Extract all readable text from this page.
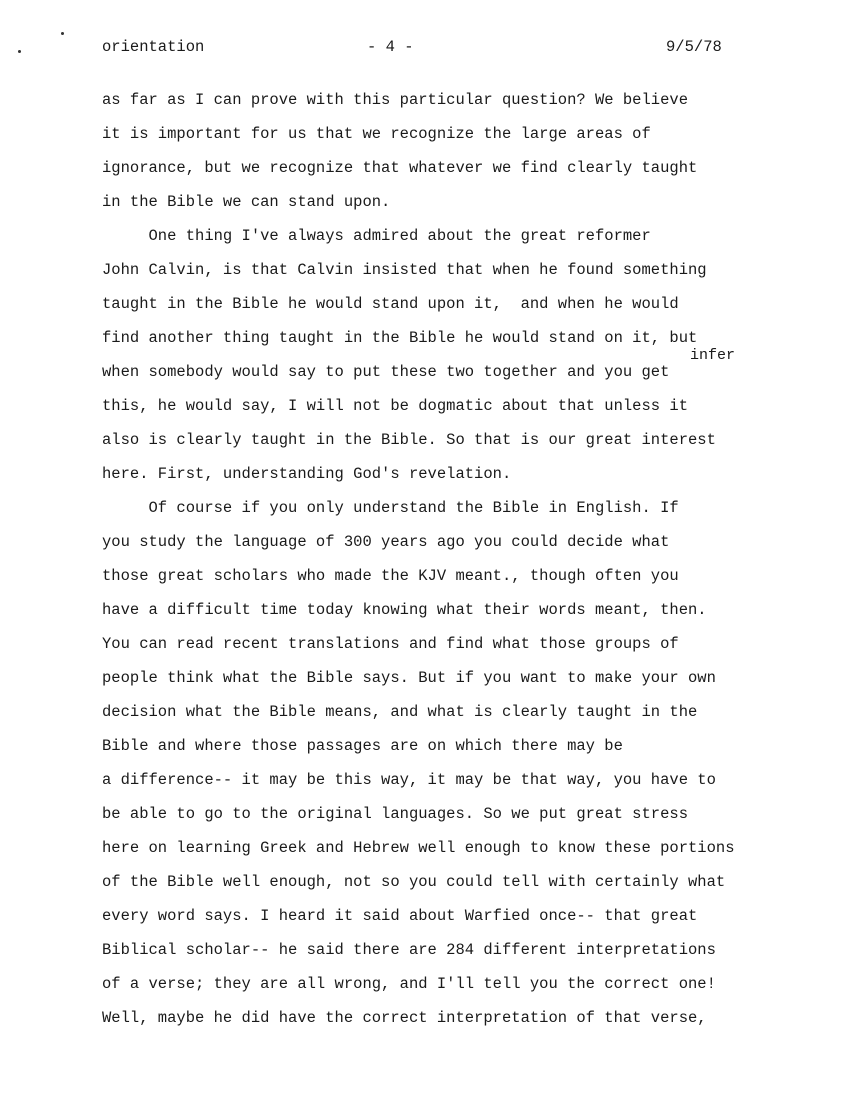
orientation	- 4 -	9/5/78
as far as I can prove with this particular question? We believe
it is important for us that we recognize the large areas of
ignorance, but we recognize that whatever we find clearly taught
in the Bible we can stand upon.
One thing I've always admired about the great reformer
John Calvin, is that Calvin insisted that when he found something
taught in the Bible he would stand upon it,  and when he would
find another thing taught in the Bible he would stand on it, but
infer
when somebody would say to put these two together and you get
this, he would say, I will not be dogmatic about that unless it
also is clearly taught in the Bible. So that is our great interest
here. First, understanding God's revelation.
Of course if you only understand the Bible in English. If
you study the language of 300 years ago you could decide what
those great scholars who made the KJV meant., though often you
have a difficult time today knowing what their words meant, then.
You can read recent translations and find what those groups of
people think what the Bible says. But if you want to make your own
decision what the Bible means, and what is clearly taught in the
Bible and where those passages are on which there may be
a difference-- it may be this way, it may be that way, you have to
be able to go to the original languages. So we put great stress
here on learning Greek and Hebrew well enough to know these portions
of the Bible well enough, not so you could tell with certainly what
every word says. I heard it said about Warfied once-- that great
Biblical scholar-- he said there are 284 different interpretations
of a verse; they are all wrong, and I'll tell you the correct one!
Well, maybe he did have the correct interpretation of that verse,
